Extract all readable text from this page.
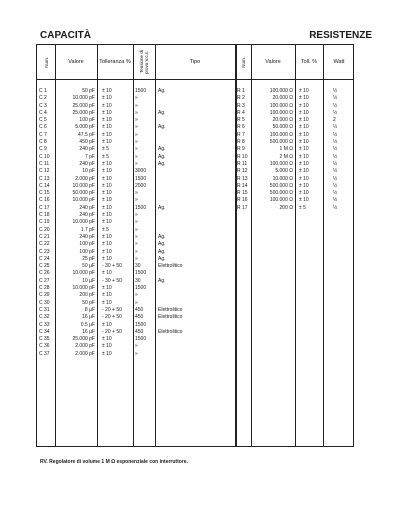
CAPACITÀ	RESISTENZE
Num.	Valore	Tolleranza %	Tensione di prova V.c.c.	Tipo	Num.	Valore	Toll. %	Watt
C 1	50 pF	± 10	1500	Ag.
C 2	10.000 pF	± 10	»
C 3	25.000 pF	± 10	»
C 4	25.000 pF	± 10	»	Ag.
C 5	100 pF	± 10	»
C 6	5.000 pF	± 10	»	Ag.
C 7	47.5 pF	± 10	»
C 8	450 pF	± 10	»
C 9	240 pF	± 5	»	Ag.
C 10	7 pF	± 5	»	Ag.
C 11	240 pF	± 10	»	Ag.
C 12	10 pF	± 10	3000
C 13	2.000 pF	± 10	1500
C 14	10.000 pF	± 10	2000
C 15	50.000 pF	± 10	»
C 16	10.000 pF	± 10	»
C 17	240 pF	± 10	1500	Ag.
C 18	240 pF	± 10	»
C 19	10.000 pF	± 10	»
C 20	1.7 pF	± 5	»
C 21	240 pF	± 10	»	Ag.
C 22	100 pF	± 10	»	Ag.
C 23	100 pF	± 10	»	Ag.
C 24	25 pF	± 10	»	Ag.
C 25	50 µF	- 30 + 50	30	Elettrolitico
C 26	10.000 pF	± 10	1500
C 27	10 µF	- 30 + 50	30	Ag.
C 28	10.000 pF	± 10	1500
C 29	200 pF	± 10	»
C 30	50 pF	± 10	»
C 31	8 µF	- 20 + 50	450	Elettrolitico
C 32	16 µF	- 20 + 50	450	Elettrolitico
C 33	0.5 µF	± 10	1500
C 34	16 µF	- 20 + 50	450	Elettrolitico
C 35	25.000 pF	± 10	1500
C 36	2.000 pF	± 10	»
C 37	2.000 pF	± 10	»
R 1	100.000 Ω	± 10	½
R 2	20.000 Ω	± 10	½
R 3	100.000 Ω	± 10	½
R 4	100.000 Ω	± 10	½
R 5	20.000 Ω	± 10	2
R 6	50.000 Ω	± 10	½
R 7	100.000 Ω	± 10	½
R 8	500.000 Ω	± 10	½
R 9	1 M Ω	± 10	½
R 10	2 M Ω	± 10	½
R 11	100.000 Ω	± 10	½
R 12	5.000 Ω	± 10	½
R 13	10.000 Ω	± 10	½
R 14	500.000 Ω	± 10	½
R 15	500.000 Ω	± 10	½
R 16	100.000 Ω	± 10	½
R 17	200 Ω	± 5	½
RV. Regolatore di volume 1 M Ω esponenziale con interruttore.
